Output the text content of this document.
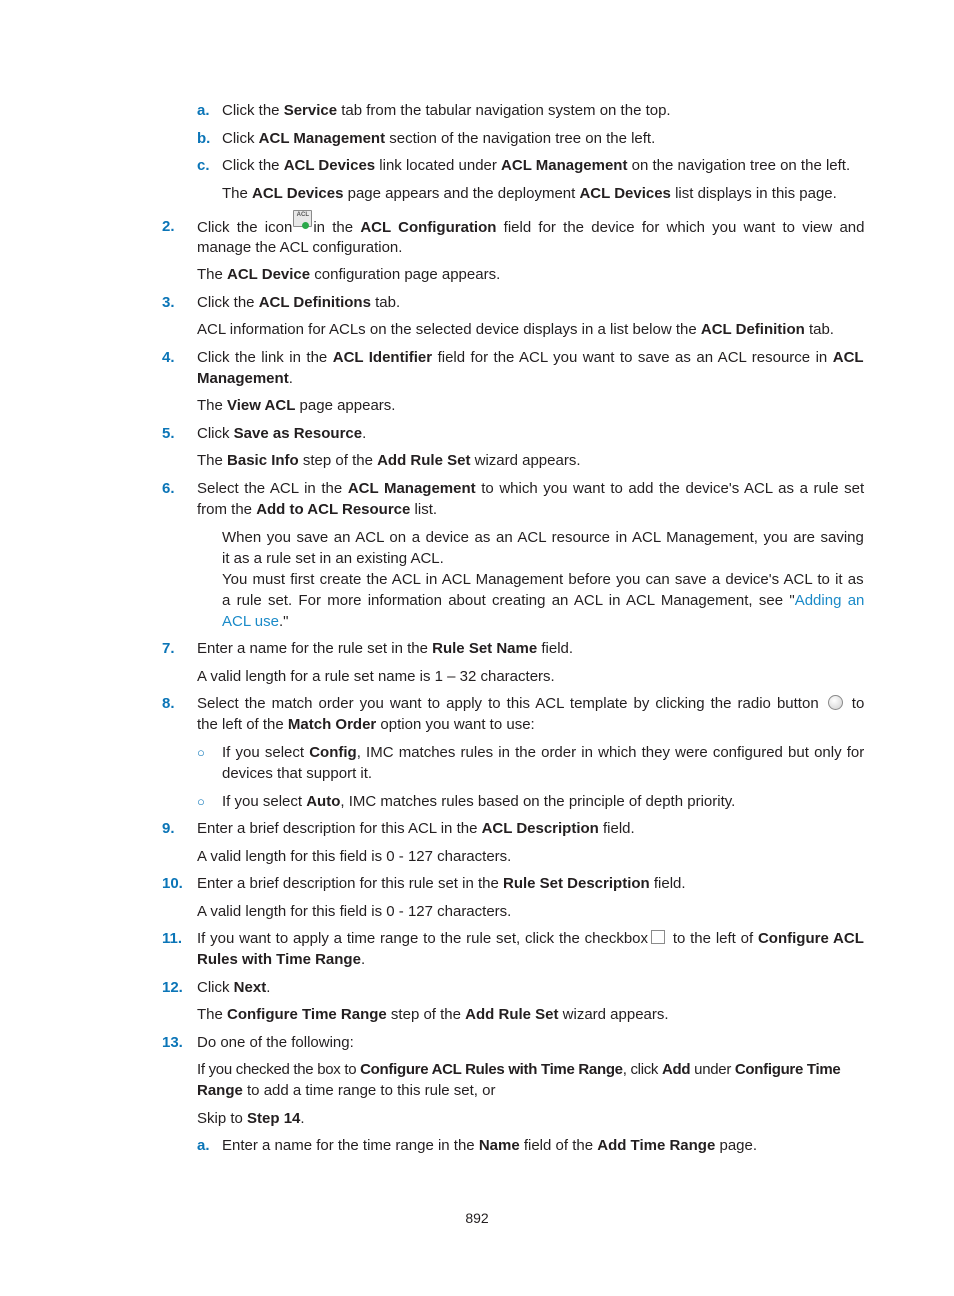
a. Click the Service tab from the tabular navigation system on the top.
b. Click ACL Management section of the navigation tree on the left.
c. Click the ACL Devices link located under ACL Management on the navigation tree on the left.
The ACL Devices page appears and the deployment ACL Devices list displays in this page.
2. Click the icon
ACL
in the ACL Configuration field for the device for which you want to view and
manage the ACL configuration.
The ACL Device configuration page appears.
3. Click the ACL Definitions tab.
ACL information for ACLs on the selected device displays in a list below the ACL Definition tab.
4. Click the link in the ACL Identifier field for the ACL you want to save as an ACL resource in ACL
Management.
The View ACL page appears.
5. Click Save as Resource.
The Basic Info step of the Add Rule Set wizard appears.
6. Select the ACL in the ACL Management to which you want to add the device's ACL as a rule set
from the Add to ACL Resource list.
When you save an ACL on a device as an ACL resource in ACL Management, you are saving
it as a rule set in an existing ACL.
You must first create the ACL in ACL Management before you can save a device's ACL to it as
a rule set. For more information about creating an ACL in ACL Management, see "Adding an
ACL use."
7. Enter a name for the rule set in the Rule Set Name field.
A valid length for a rule set name is 1 – 32 characters.
8. Select the match order you want to apply to this ACL template by clicking the radio button  to
the left of the Match Order option you want to use:
○ If you select Config, IMC matches rules in the order in which they were configured but only for
devices that support it.
○ If you select Auto, IMC matches rules based on the principle of depth priority.
9. Enter a brief description for this ACL in the ACL Description field.
A valid length for this field is 0 - 127 characters.
10. Enter a brief description for this rule set in the Rule Set Description field.
A valid length for this field is 0 - 127 characters.
11. If you want to apply a time range to the rule set, click the checkbox to the left of Configure ACL
Rules with Time Range.
12. Click Next.
The Configure Time Range step of the Add Rule Set wizard appears.
13. Do one of the following:
If you checked the box to Configure ACL Rules with Time Range, click Add under Configure Time
Range to add a time range to this rule set, or
Skip to Step 14.
a. Enter a name for the time range in the Name field of the Add Time Range page.
892
